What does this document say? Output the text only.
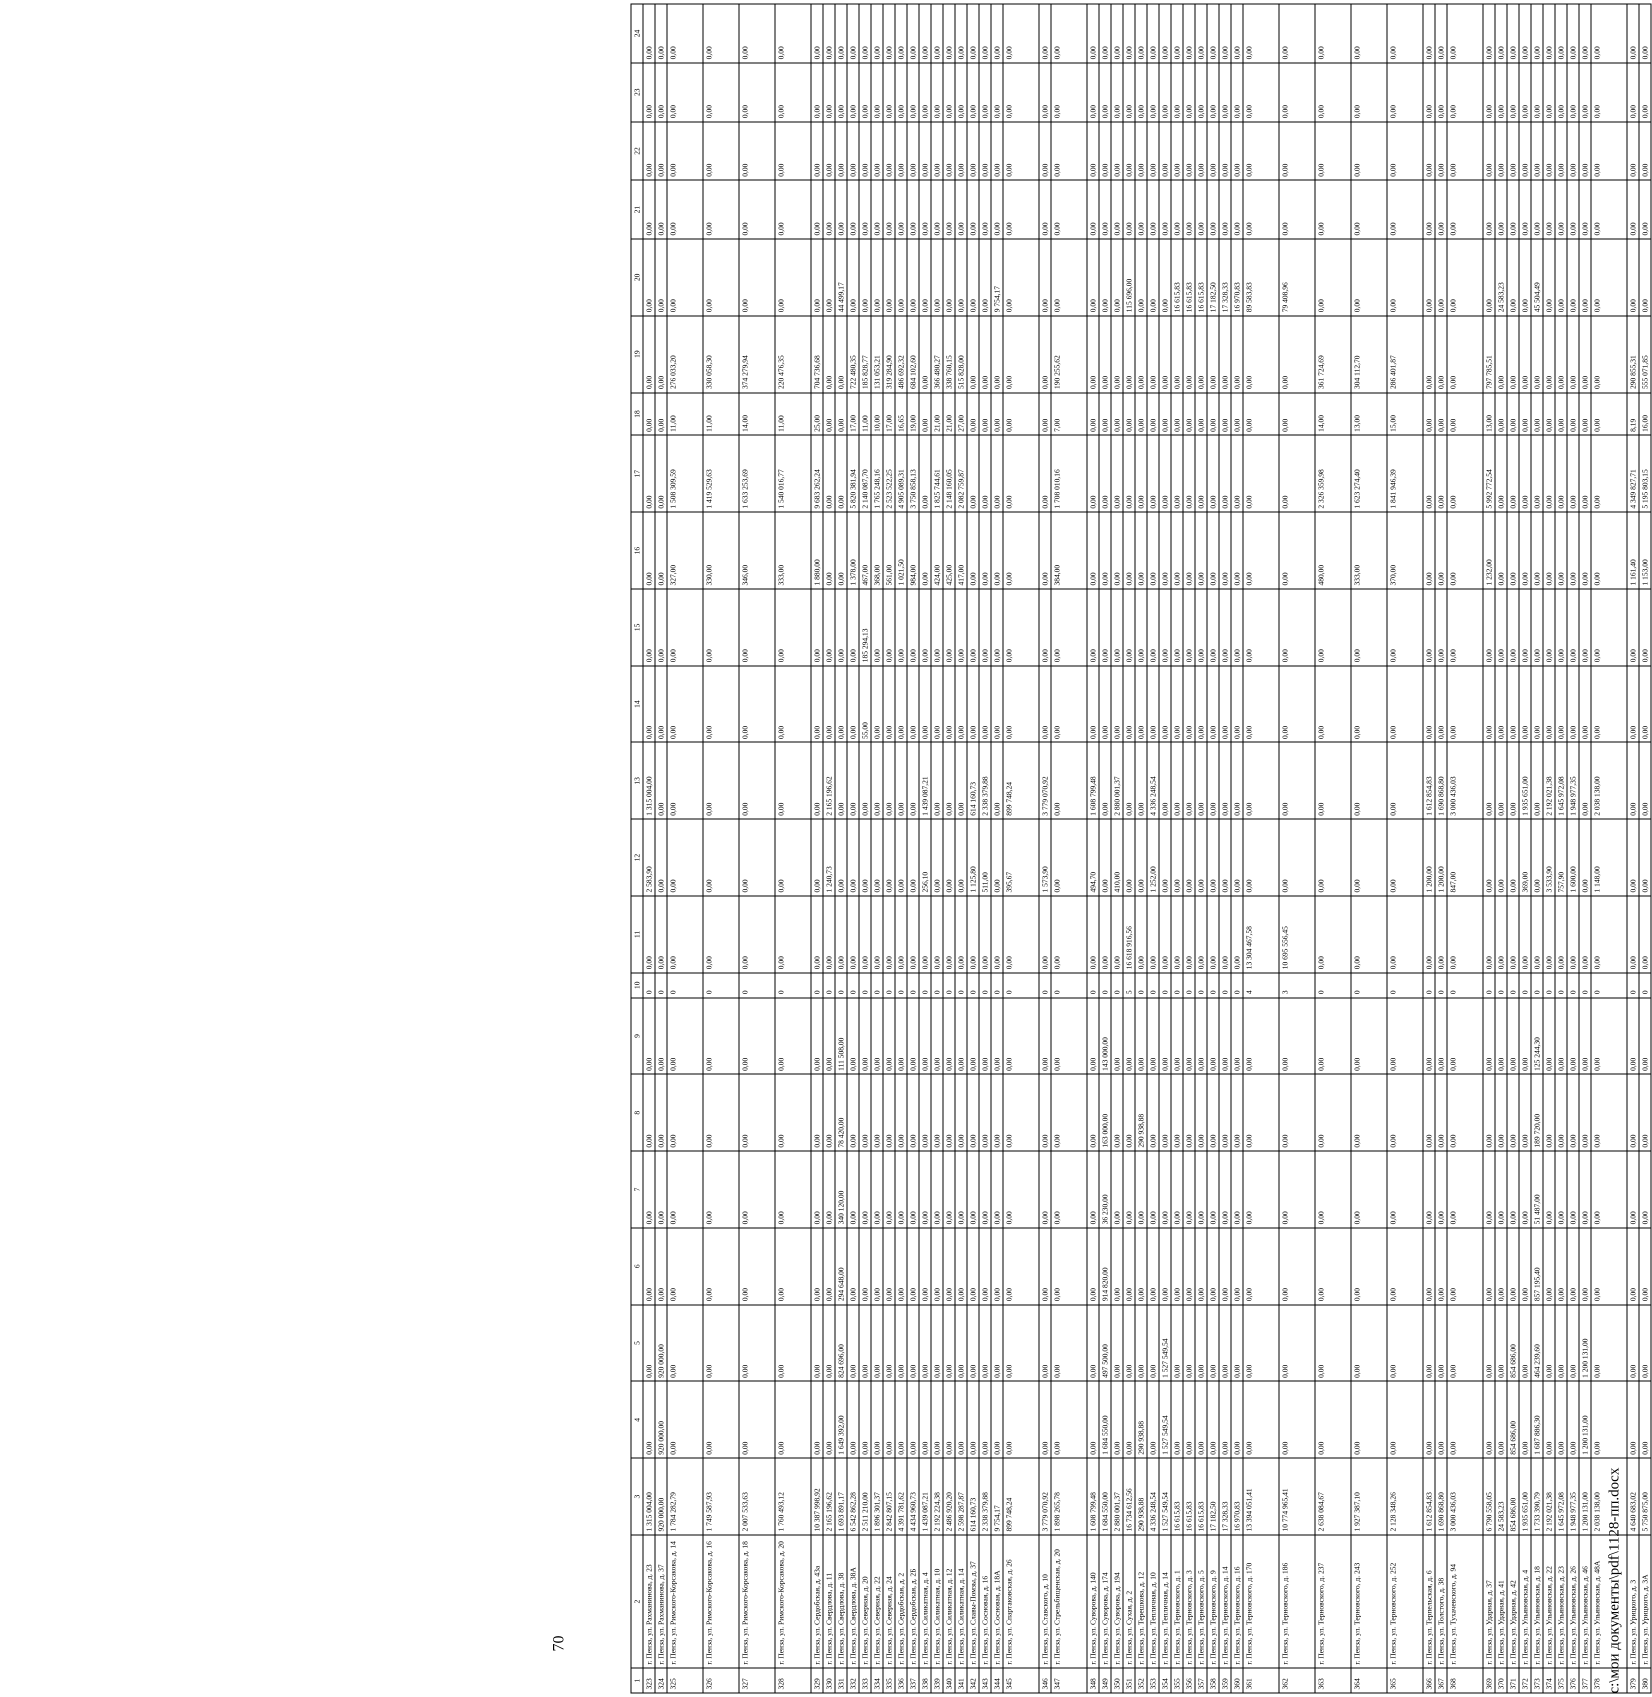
70
1	2	3	4	5	6	7	8	9	10	11	12	13	14	15	16	17	18	19	20	21	22	23	24
323	г. Пенза, ул. Рахманинова, д. 23	1 315 004,00	0,00	0,00	0,00	0,00	0,00	0,00	0	0,00	2 583,90	1 315 004,00	0,00	0,00	0,00	0,00	0,00	0,00	0,00	0,00	0,00	0,00	0,00
324	г. Пенза, ул. Рахманинова, д. 37	920 000,00	920 000,00	920 000,00	0,00	0,00	0,00	0,00	0	0,00	0,00	0,00	0,00	0,00	0,00	0,00	0,00	0,00	0,00	0,00	0,00	0,00	0,00
325	г. Пенза, ул. Римского-Корсакова, д. 14	1 784 282,79	0,00	0,00	0,00	0,00	0,00	0,00	0	0,00	0,00	0,00	0,00	0,00	327,00	1 508 309,59	11,00	276 033,20	0,00	0,00	0,00	0,00	0,00
326	г. Пенза, ул. Римского-Корсакова, д. 16	1 749 587,93	0,00	0,00	0,00	0,00	0,00	0,00	0	0,00	0,00	0,00	0,00	0,00	330,00	1 419 529,63	11,00	330 058,30	0,00	0,00	0,00	0,00	0,00
327	г. Пенза, ул. Римского-Корсакова, д. 18	2 007 533,63	0,00	0,00	0,00	0,00	0,00	0,00	0	0,00	0,00	0,00	0,00	0,00	346,00	1 633 253,69	14,00	374 279,94	0,00	0,00	0,00	0,00	0,00
328	г. Пенза, ул. Римского-Корсакова, д. 20	1 760 493,12	0,00	0,00	0,00	0,00	0,00	0,00	0	0,00	0,00	0,00	0,00	0,00	333,00	1 540 016,77	11,00	220 476,35	0,00	0,00	0,00	0,00	0,00
329	г. Пенза, ул. Сердобская, д. 43а	10 387 998,92	0,00	0,00	0,00	0,00	0,00	0,00	0	0,00	0,00	0,00	0,00	0,00	1 880,00	9 683 262,24	25,00	704 736,68	0,00	0,00	0,00	0,00	0,00
330	г. Пенза, ул. Свердлова, д. 11	2 165 196,62	0,00	0,00	0,00	0,00	0,00	0,00	0	0,00	1 240,73	2 165 196,62	0,00	0,00	0,00	0,00	0,00	0,00	0,00	0,00	0,00	0,00	0,00
331	г. Пенза, ул. Свердлова, д. 38	1 693 891,17	1 649 392,00	824 696,00	294 648,00	340 120,00	78 420,00	111 508,00	0	0,00	0,00	0,00	0,00	0,00	0,00	0,00	0,00	0,00	44 499,17	0,00	0,00	0,00	0,00
332	г. Пенза, ул. Свердлова, д. 38А	6 542 862,28	0,00	0,00	0,00	0,00	0,00	0,00	0	0,00	0,00	0,00	0,00	0,00	1 378,00	5 820 381,94	17,00	722 480,35	0,00	0,00	0,00	0,00	0,00
333	г. Пенза, ул. Северная, д. 20	2 511 210,00	0,00	0,00	0,00	0,00	0,00	0,00	0	0,00	0,00	0,00	55,00	185 294,13	467,00	2 140 087,70	11,00	185 828,77	0,00	0,00	0,00	0,00	0,00
334	г. Пенза, ул. Северная, д. 22	1 896 301,37	0,00	0,00	0,00	0,00	0,00	0,00	0	0,00	0,00	0,00	0,00	0,00	368,00	1 765 248,16	10,00	131 053,21	0,00	0,00	0,00	0,00	0,00
335	г. Пенза, ул. Северная, д. 24	2 842 807,15	0,00	0,00	0,00	0,00	0,00	0,00	0	0,00	0,00	0,00	0,00	0,00	561,00	2 523 522,25	17,00	319 284,90	0,00	0,00	0,00	0,00	0,00
336	г. Пенза, ул. Сердобская, д. 2	4 391 781,62	0,00	0,00	0,00	0,00	0,00	0,00	0	0,00	0,00	0,00	0,00	0,00	1 021,50	4 905 089,31	16,65	486 692,32	0,00	0,00	0,00	0,00	0,00
337	г. Пенза, ул. Сердобская, д. 2Б	4 434 960,73	0,00	0,00	0,00	0,00	0,00	0,00	0	0,00	0,00	0,00	0,00	0,00	984,00	3 750 858,13	19,00	684 102,60	0,00	0,00	0,00	0,00	0,00
338	г. Пенза, ул. Силикатная, д. 4	1 439 087,21	0,00	0,00	0,00	0,00	0,00	0,00	0	0,00	256,10	1 439 087,21	0,00	0,00	0,00	0,00	0,00	0,00	0,00	0,00	0,00	0,00	0,00
339	г. Пенза, ул. Силикатная, д. 10	2 192 224,38	0,00	0,00	0,00	0,00	0,00	0,00	0	0,00	0,00	0,00	0,00	0,00	424,00	1 825 744,61	21,00	366 480,27	0,00	0,00	0,00	0,00	0,00
340	г. Пенза, ул. Силикатная, д. 12	2 486 920,20	0,00	0,00	0,00	0,00	0,00	0,00	0	0,00	0,00	0,00	0,00	0,00	425,00	2 148 160,05	21,00	338 760,15	0,00	0,00	0,00	0,00	0,00
341	г. Пенза, ул. Силикатная, д. 14	2 598 287,87	0,00	0,00	0,00	0,00	0,00	0,00	0	0,00	0,00	0,00	0,00	0,00	417,00	2 082 759,87	27,00	515 828,00	0,00	0,00	0,00	0,00	0,00
342	г. Пенза, ул. Славы-Помзы, д. 37	614 160,73	0,00	0,00	0,00	0,00	0,00	0,00	0	0,00	1 125,80	614 160,73	0,00	0,00	0,00	0,00	0,00	0,00	0,00	0,00	0,00	0,00	0,00
343	г. Пенза, ул. Сосновая, д. 16	2 338 379,88	0,00	0,00	0,00	0,00	0,00	0,00	0	0,00	511,00	2 338 379,88	0,00	0,00	0,00	0,00	0,00	0,00	0,00	0,00	0,00	0,00	0,00
344	г. Пенза, ул. Сосновая, д. 18А	9 754,17	0,00	0,00	0,00	0,00	0,00	0,00	0	0,00	0,00	0,00	0,00	0,00	0,00	0,00	0,00	0,00	9 754,17	0,00	0,00	0,00	0,00
345	г. Пенза, ул. Спартаковская, д. 26	899 748,24	0,00	0,00	0,00	0,00	0,00	0,00	0	0,00	395,67	899 748,24	0,00	0,00	0,00	0,00	0,00	0,00	0,00	0,00	0,00	0,00	0,00
346	г. Пенза, ул. Ставского, д. 10	3 779 070,92	0,00	0,00	0,00	0,00	0,00	0,00	0	0,00	1 573,90	3 779 070,92	0,00	0,00	0,00	0,00	0,00	0,00	0,00	0,00	0,00	0,00	0,00
347	г. Пенза, ул. Стрельбищенская, д. 20	1 898 265,78	0,00	0,00	0,00	0,00	0,00	0,00	0	0,00	0,00	0,00	0,00	0,00	384,00	1 708 010,16	7,00	190 255,62	0,00	0,00	0,00	0,00	0,00
348	г. Пенза, ул. Суворова, д. 140	1 608 799,48	0,00	0,00	0,00	0,00	0,00	0,00	0	0,00	494,70	1 608 799,48	0,00	0,00	0,00	0,00	0,00	0,00	0,00	0,00	0,00	0,00	0,00
349	г. Пенза, ул. Суворова, д. 174	1 684 550,00	1 684 550,00	497 500,00	914 820,00	36 230,00	163 000,00	143 000,00	0	0,00	0,00	0,00	0,00	0,00	0,00	0,00	0,00	0,00	0,00	0,00	0,00	0,00	0,00
350	г. Пенза, ул. Суворова, д. 194	2 880 001,37	0,00	0,00	0,00	0,00	0,00	0,00	0	0,00	410,00	2 880 001,37	0,00	0,00	0,00	0,00	0,00	0,00	0,00	0,00	0,00	0,00	0,00
351	г. Пенза, ул. Сухая, д. 2	16 734 612,56	0,00	0,00	0,00	0,00	0,00	0,00	5	16 618 916,56	0,00	0,00	0,00	0,00	0,00	0,00	0,00	0,00	115 696,00	0,00	0,00	0,00	0,00
352	г. Пенза, ул. Терешкова, д. 12	290 938,88	290 938,88	0,00	0,00	0,00	290 938,88	0,00	0	0,00	0,00	0,00	0,00	0,00	0,00	0,00	0,00	0,00	0,00	0,00	0,00	0,00	0,00
353	г. Пенза, ул. Тепличная, д. 10	4 336 248,54	0,00	0,00	0,00	0,00	0,00	0,00	0	0,00	1 252,00	4 336 248,54	0,00	0,00	0,00	0,00	0,00	0,00	0,00	0,00	0,00	0,00	0,00
354	г. Пенза, ул. Тепличная, д. 14	1 527 549,54	1 527 549,54	1 527 549,54	0,00	0,00	0,00	0,00	0	0,00	0,00	0,00	0,00	0,00	0,00	0,00	0,00	0,00	0,00	0,00	0,00	0,00	0,00
355	г. Пенза, ул. Терновского, д. 1	16 615,83	0,00	0,00	0,00	0,00	0,00	0,00	0	0,00	0,00	0,00	0,00	0,00	0,00	0,00	0,00	0,00	16 615,83	0,00	0,00	0,00	0,00
356	г. Пенза, ул. Терновского, д. 3	16 615,83	0,00	0,00	0,00	0,00	0,00	0,00	0	0,00	0,00	0,00	0,00	0,00	0,00	0,00	0,00	0,00	16 615,83	0,00	0,00	0,00	0,00
357	г. Пенза, ул. Терновского, д. 5	16 615,83	0,00	0,00	0,00	0,00	0,00	0,00	0	0,00	0,00	0,00	0,00	0,00	0,00	0,00	0,00	0,00	16 615,83	0,00	0,00	0,00	0,00
358	г. Пенза, ул. Терновского, д. 9	17 182,50	0,00	0,00	0,00	0,00	0,00	0,00	0	0,00	0,00	0,00	0,00	0,00	0,00	0,00	0,00	0,00	17 182,50	0,00	0,00	0,00	0,00
359	г. Пенза, ул. Терновского, д. 14	17 328,33	0,00	0,00	0,00	0,00	0,00	0,00	0	0,00	0,00	0,00	0,00	0,00	0,00	0,00	0,00	0,00	17 328,33	0,00	0,00	0,00	0,00
360	г. Пенза, ул. Терновского, д. 16	16 970,83	0,00	0,00	0,00	0,00	0,00	0,00	0	0,00	0,00	0,00	0,00	0,00	0,00	0,00	0,00	0,00	16 970,83	0,00	0,00	0,00	0,00
361	г. Пенза, ул. Терновского, д. 170	13 394 051,41	0,00	0,00	0,00	0,00	0,00	0,00	4	13 304 467,58	0,00	0,00	0,00	0,00	0,00	0,00	0,00	0,00	89 583,83	0,00	0,00	0,00	0,00
362	г. Пенза, ул. Терновского, д. 186	10 774 965,41	0,00	0,00	0,00	0,00	0,00	0,00	3	10 695 556,45	0,00	0,00	0,00	0,00	0,00	0,00	0,00	0,00	79 408,96	0,00	0,00	0,00	0,00
363	г. Пенза, ул. Терновского, д. 237	2 638 084,67	0,00	0,00	0,00	0,00	0,00	0,00	0	0,00	0,00	0,00	0,00	0,00	480,00	2 326 359,98	14,00	361 724,69	0,00	0,00	0,00	0,00	0,00
364	г. Пенза, ул. Терновского, д. 243	1 927 387,10	0,00	0,00	0,00	0,00	0,00	0,00	0	0,00	0,00	0,00	0,00	0,00	333,00	1 623 274,40	13,00	304 112,70	0,00	0,00	0,00	0,00	0,00
365	г. Пенза, ул. Терновского, д. 252	2 128 348,26	0,00	0,00	0,00	0,00	0,00	0,00	0	0,00	0,00	0,00	0,00	0,00	370,00	1 841 946,39	15,00	286 401,87	0,00	0,00	0,00	0,00	0,00
366	г. Пенза, ул. Терпельская, д. 6	1 612 854,83	0,00	0,00	0,00	0,00	0,00	0,00	0	0,00	1 200,00	1 612 854,83	0,00	0,00	0,00	0,00	0,00	0,00	0,00	0,00	0,00	0,00	0,00
367	г. Пенза, ул. Толстого, д. 38	1 690 868,80	0,00	0,00	0,00	0,00	0,00	0,00	0	0,00	1 200,00	1 690 868,80	0,00	0,00	0,00	0,00	0,00	0,00	0,00	0,00	0,00	0,00	0,00
368	г. Пенза, ул. Тухачевского, д. 94	3 000 436,03	0,00	0,00	0,00	0,00	0,00	0,00	0	0,00	847,00	3 000 436,03	0,00	0,00	0,00	0,00	0,00	0,00	0,00	0,00	0,00	0,00	0,00
369	г. Пенза, ул. Ударная, д. 37	6 790 558,05	0,00	0,00	0,00	0,00	0,00	0,00	0	0,00	0,00	0,00	0,00	0,00	1 232,00	5 992 772,54	13,00	797 785,51	0,00	0,00	0,00	0,00	0,00
370	г. Пенза, ул. Ударная, д. 41	24 583,23	0,00	0,00	0,00	0,00	0,00	0,00	0	0,00	0,00	0,00	0,00	0,00	0,00	0,00	0,00	0,00	24 583,23	0,00	0,00	0,00	0,00
371	г. Пенза, ул. Ударная, д. 42	854 686,00	854 686,00	854 686,00	0,00	0,00	0,00	0,00	0	0,00	0,00	0,00	0,00	0,00	0,00	0,00	0,00	0,00	0,00	0,00	0,00	0,00	0,00
372	г. Пенза, ул. Ульяновская, д. 4	1 935 651,00	0,00	0,00	0,00	0,00	0,00	0,00	0	0,00	369,00	1 935 651,00	0,00	0,00	0,00	0,00	0,00	0,00	0,00	0,00	0,00	0,00	0,00
373	г. Пенза, ул. Ульяновская, д. 18	1 733 390,79	1 687 886,30	464 239,60	857 195,40	51 487,00	189 720,00	125 244,30	0	0,00	0,00	0,00	0,00	0,00	0,00	0,00	0,00	0,00	45 504,49	0,00	0,00	0,00	0,00
374	г. Пенза, ул. Ульяновская, д. 22	2 192 021,38	0,00	0,00	0,00	0,00	0,00	0,00	0	0,00	3 533,90	2 192 021,38	0,00	0,00	0,00	0,00	0,00	0,00	0,00	0,00	0,00	0,00	0,00
375	г. Пенза, ул. Ульяновская, д. 23	1 645 972,08	0,00	0,00	0,00	0,00	0,00	0,00	0	0,00	757,90	1 645 972,08	0,00	0,00	0,00	0,00	0,00	0,00	0,00	0,00	0,00	0,00	0,00
376	г. Пенза, ул. Ульяновская, д. 26	1 948 977,35	0,00	0,00	0,00	0,00	0,00	0,00	0	0,00	1 600,00	1 948 977,35	0,00	0,00	0,00	0,00	0,00	0,00	0,00	0,00	0,00	0,00	0,00
377	г. Пенза, ул. Ульяновская, д. 46	1 200 131,00	1 200 131,00	1 200 131,00	0,00	0,00	0,00	0,00	0	0,00	0,00	0,00	0,00	0,00	0,00	0,00	0,00	0,00	0,00	0,00	0,00	0,00	0,00
378	г. Пенза, ул. Ульяновская, д. 48А	2 038 138,00	0,00	0,00	0,00	0,00	0,00	0,00	0	0,00	1 148,00	2 038 138,00	0,00	0,00	0,00	0,00	0,00	0,00	0,00	0,00	0,00	0,00	0,00
379	г. Пенза, ул. Урицкого, д. 3	4 640 683,02	0,00	0,00	0,00	0,00	0,00	0,00	0	0,00	0,00	0,00	0,00	0,00	1 161,40	4 349 827,71	8,19	290 855,31	0,00	0,00	0,00	0,00	0,00
380	г. Пенза, ул. Урицкого, д. 3А	5 750 875,00	0,00	0,00	0,00	0,00	0,00	0,00	0	0,00	0,00	0,00	0,00	0,00	1 153,00	5 195 803,15	16,00	555 071,85	0,00	0,00	0,00	0,00	0,00
c:\мои документы\pdf\1128-пп.docx
